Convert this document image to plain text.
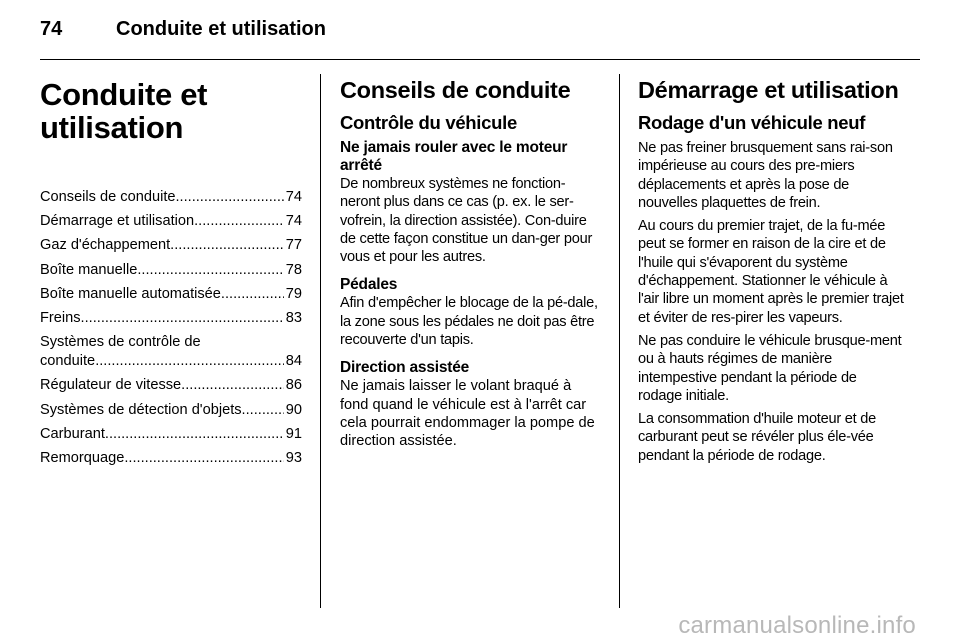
74	Conduite et utilisation
Conduite et
utilisation
Conseils de conduite .....	74
Démarrage et utilisation .....	74
Gaz d'échappement .....	77
Boîte manuelle .....	78
Boîte manuelle automatisée .....	79
Freins .....	83
Systèmes de contrôle de
conduite .....	84
Régulateur de vitesse .....	86
Systèmes de détection d'objets .....	90
Carburant .....	91
Remorquage .....	93
Conseils de conduite
Contrôle du véhicule
Ne jamais rouler avec le moteur arrêté
De nombreux systèmes ne fonction-neront plus dans ce cas (p. ex. le ser-vofrein, la direction assistée). Con-duire de cette façon constitue un dan-ger pour vous et pour les autres.
Pédales
Afin d'empêcher le blocage de la pé-dale, la zone sous les pédales ne doit pas être recouverte d'un tapis.
Direction assistée
Ne jamais laisser le volant braqué à fond quand le véhicule est à l'arrêt car cela pourrait endommager la pompe de direction assistée.
Démarrage et utilisation
Rodage d'un véhicule neuf
Ne pas freiner brusquement sans rai-son impérieuse au cours des pre-miers déplacements et après la pose de nouvelles plaquettes de frein.
Au cours du premier trajet, de la fu-mée peut se former en raison de la cire et de l'huile qui s'évaporent du système d'échappement. Stationner le véhicule à l'air libre un moment après le premier trajet et éviter de res-pirer les vapeurs.
Ne pas conduire le véhicule brusque-ment ou à hauts régimes de manière intempestive pendant la période de rodage initiale.
La consommation d'huile moteur et de carburant peut se révéler plus éle-vée pendant la période de rodage.
carmanualsonline.info
